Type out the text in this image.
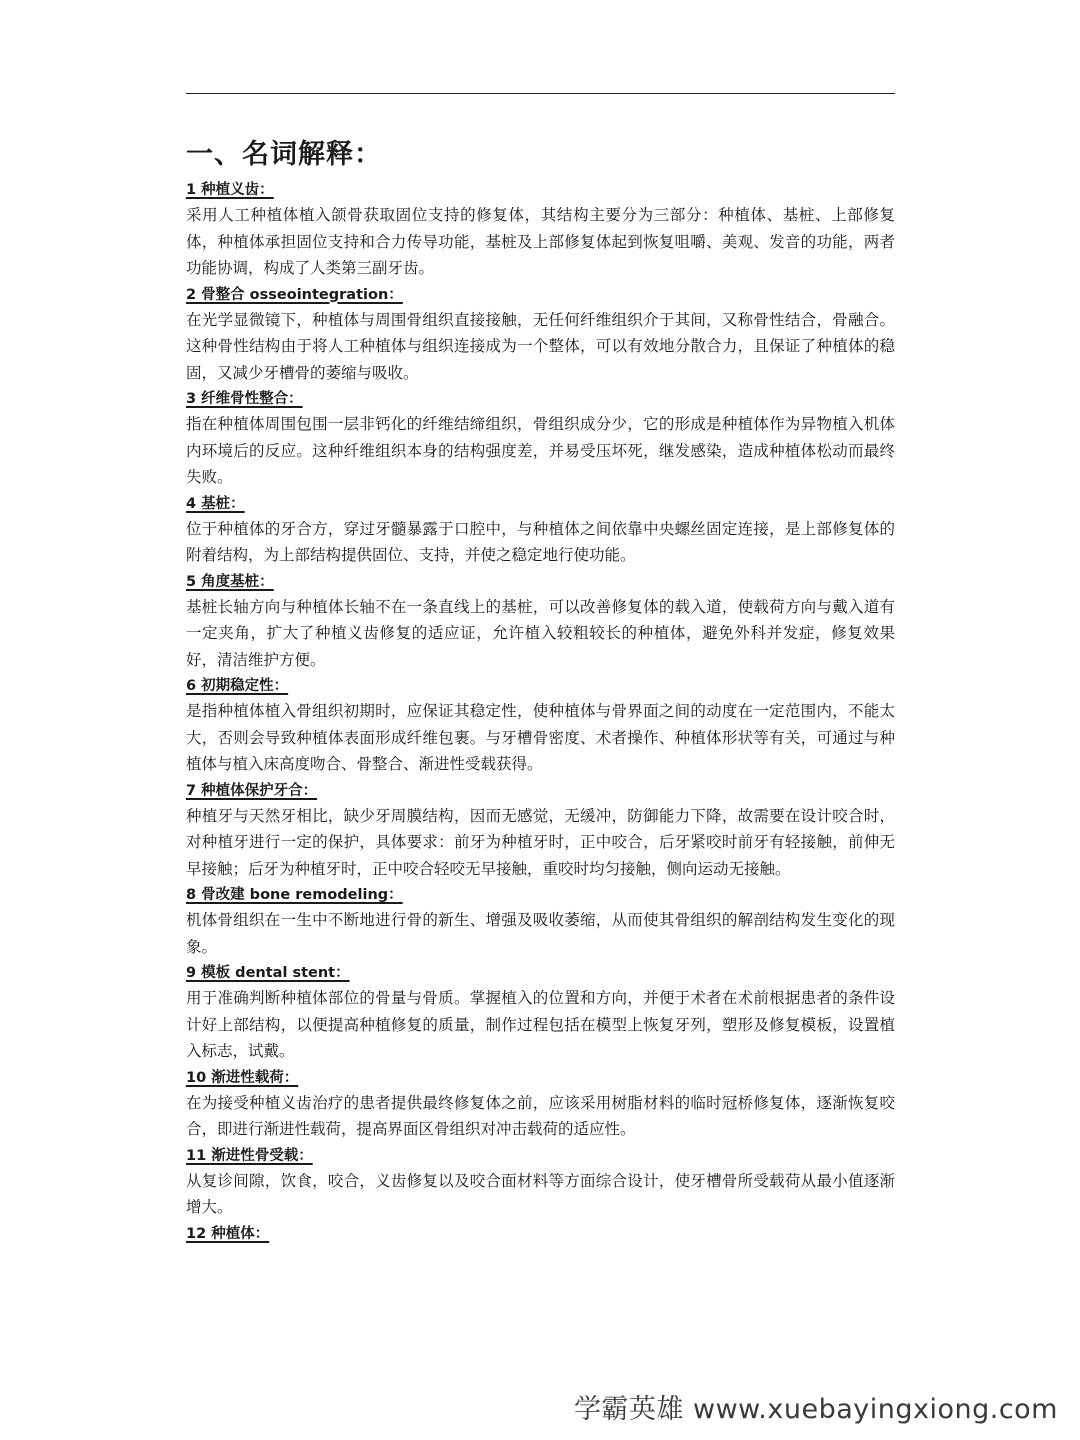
一、名词解释：
1 种植义齿：

采用人工种植体植入颌骨获取固位支持的修复体，其结构主要分为三部分：种植体、基桩、上部修复体，种植体承担固位支持和合力传导功能，基桩及上部修复体起到恢复咀嚼、美观、发音的功能，两者功能协调，构成了人类第三副牙齿。

2 骨整合 osseointegration：

在光学显微镜下，种植体与周围骨组织直接接触，无任何纤维组织介于其间，又称骨性结合，骨融合。这种骨性结构由于将人工种植体与组织连接成为一个整体，可以有效地分散合力，且保证了种植体的稳固，又减少牙槽骨的萎缩与吸收。

3 纤维骨性整合：

指在种植体周围包围一层非钙化的纤维结缔组织，骨组织成分少，它的形成是种植体作为异物植入机体内环境后的反应。这种纤维组织本身的结构强度差，并易受压坏死，继发感染，造成种植体松动而最终失败。

4 基桩：

位于种植体的牙合方，穿过牙髓暴露于口腔中，与种植体之间依靠中央螺丝固定连接，是上部修复体的附着结构，为上部结构提供固位、支持，并使之稳定地行使功能。

5 角度基桩：

基桩长轴方向与种植体长轴不在一条直线上的基桩，可以改善修复体的载入道，使载荷方向与戴入道有一定夹角，扩大了种植义齿修复的适应证，允许植入较粗较长的种植体，避免外科并发症，修复效果好，清洁维护方便。

6 初期稳定性：

是指种植体植入骨组织初期时，应保证其稳定性，使种植体与骨界面之间的动度在一定范围内，不能太大，否则会导致种植体表面形成纤维包裹。与牙槽骨密度、术者操作、种植体形状等有关，可通过与种植体与植入床高度吻合、骨整合、渐进性受载获得。

7 种植体保护牙合：

种植牙与天然牙相比，缺少牙周膜结构，因而无感觉，无缓冲，防御能力下降，故需要在设计咬合时，对种植牙进行一定的保护，具体要求：前牙为种植牙时，正中咬合，后牙紧咬时前牙有轻接触，前伸无早接触；后牙为种植牙时，正中咬合轻咬无早接触，重咬时均匀接触，侧向运动无接触。

8 骨改建 bone remodeling：

机体骨组织在一生中不断地进行骨的新生、增强及吸收萎缩，从而使其骨组织的解剖结构发生变化的现象。

9 模板 dental stent：

用于准确判断种植体部位的骨量与骨质。掌握植入的位置和方向，并便于术者在术前根据患者的条件设计好上部结构，以便提高种植修复的质量，制作过程包括在模型上恢复牙列，塑形及修复模板，设置植入标志，试戴。

10 渐进性载荷：

在为接受种植义齿治疗的患者提供最终修复体之前，应该采用树脂材料的临时冠桥修复体，逐渐恢复咬合，即进行渐进性载荷，提高界面区骨组织对冲击载荷的适应性。

11 渐进性骨受载：

从复诊间隙，饮食，咬合，义齿修复以及咬合面材料等方面综合设计，使牙槽骨所受载荷从最小值逐渐增大。

12 种植体：
学霸英雄 www.xuebayingxiong.com
